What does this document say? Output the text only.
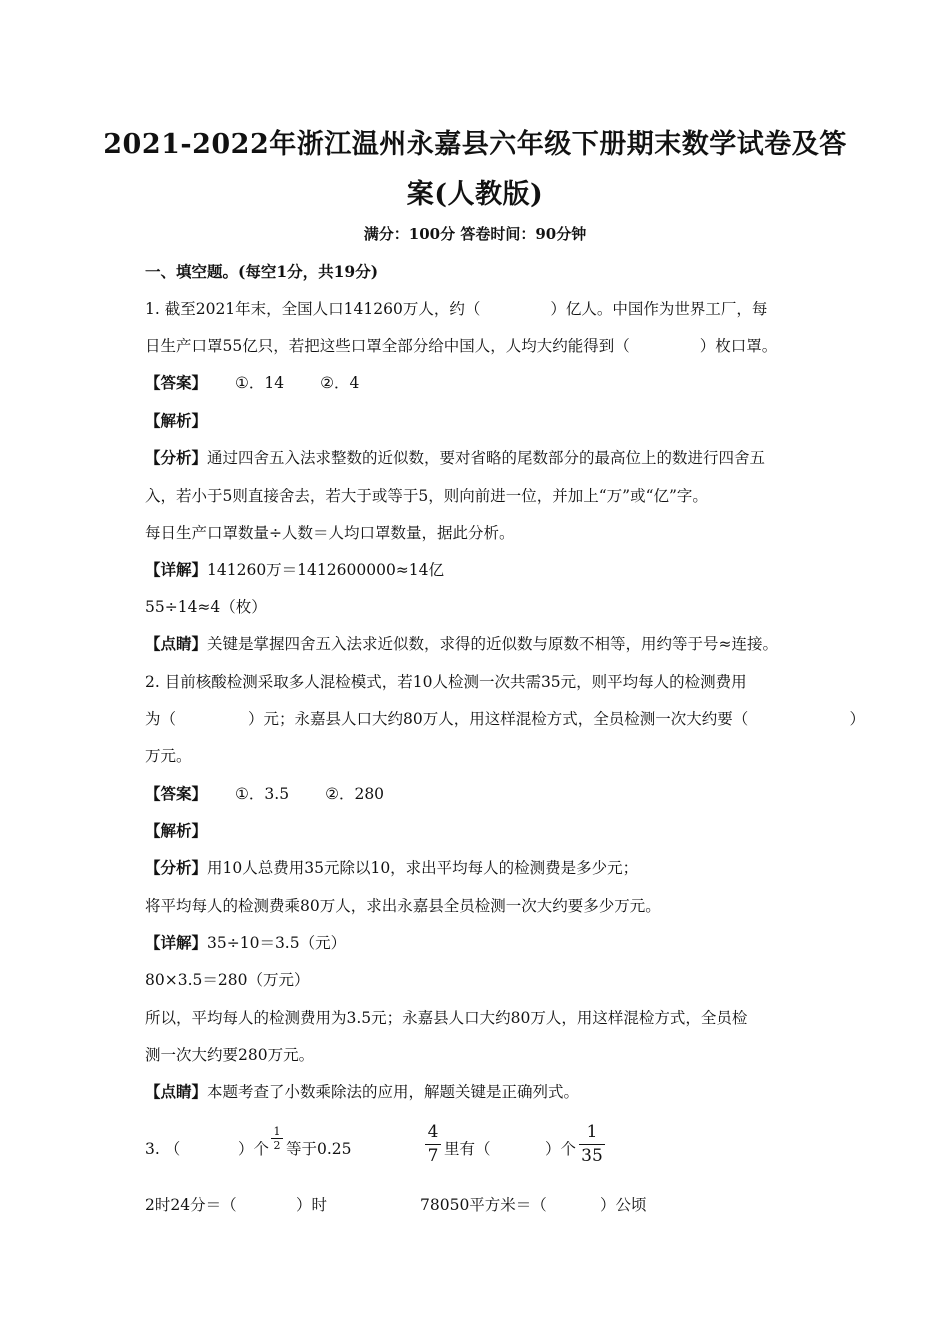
2021-2022年浙江温州永嘉县六年级下册期末数学试卷及答
案(人教版)
满分：100分 答卷时间：90分钟
一、填空题。(每空1分，共19分)
1. 截至2021年末，全国人口141260万人，约（	）亿人。中国作为世界工厂，每
日生产口罩55亿只，若把这些口罩全部分给中国人，人均大约能得到（	）枚口罩。
【答案】 ①．14 ②．4
【解析】
【分析】通过四舍五入法求整数的近似数，要对省略的尾数部分的最高位上的数进行四舍五
入，若小于5则直接舍去，若大于或等于5，则向前进一位，并加上“万”或“亿”字。
每日生产口罩数量÷人数＝人均口罩数量，据此分析。
【详解】141260万＝1412600000≈14亿
55÷14≈4（枚）
【点睛】关键是掌握四舍五入法求近似数，求得的近似数与原数不相等，用约等于号≈连接。
2. 目前核酸检测采取多人混检模式，若10人检测一次共需35元，则平均每人的检测费用
为（	）元；永嘉县人口大约80万人，用这样混检方式，全员检测一次大约要（	）
万元。
【答案】 ①．3.5 ②．280
【解析】
【分析】用10人总费用35元除以10，求出平均每人的检测费是多少元；
将平均每人的检测费乘80万人，求出永嘉县全员检测一次大约要多少万元。
【详解】35÷10＝3.5（元）
80×3.5＝280（万元）
所以，平均每人的检测费用为3.5元；永嘉县人口大约80万人，用这样混检方式，全员检
测一次大约要280万元。
【点睛】本题考查了小数乘除法的应用，解题关键是正确列式。
3. （	）个
1
2 等于0.25
4
7 里有（	）个
1
35
2时24分＝（	）时	78050平方米＝（	）公顷
